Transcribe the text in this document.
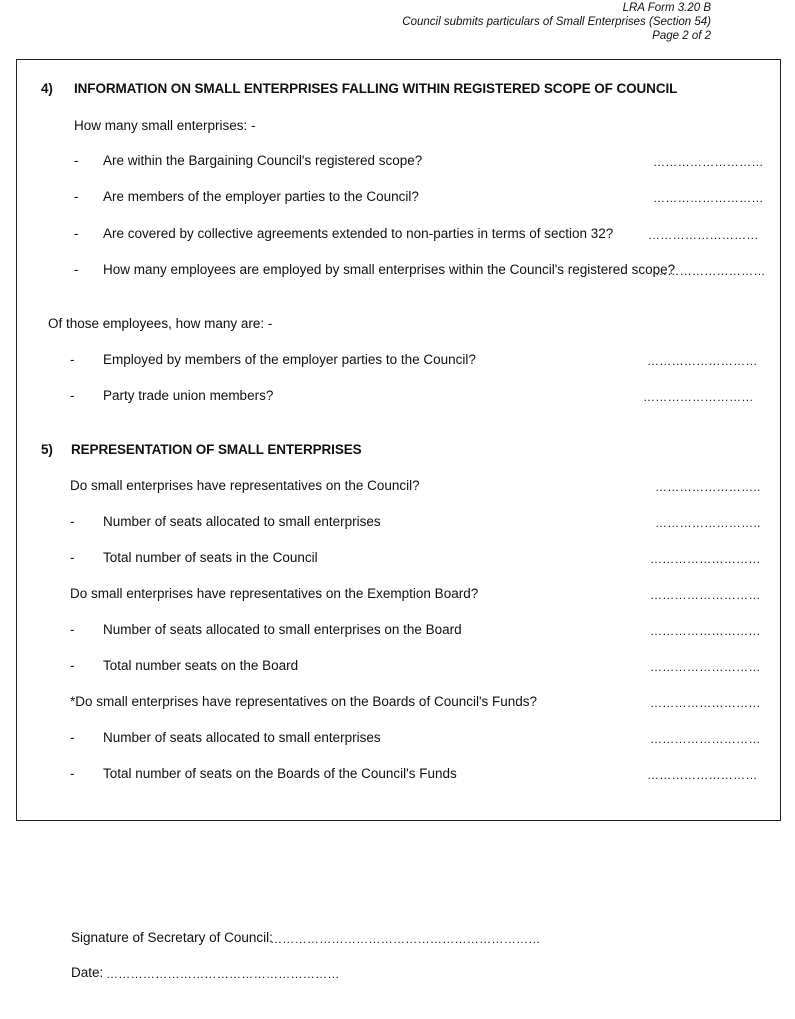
LRA Form 3.20 B
Council submits particulars of Small Enterprises (Section 54)
Page 2 of 2
4) INFORMATION ON SMALL ENTERPRISES FALLING WITHIN REGISTERED SCOPE OF COUNCIL
How many small enterprises: -
- Are within the Bargaining Council's registered scope?	………………………
- Are members of the employer parties to the Council?	………………………
- Are covered by collective agreements extended to non-parties in terms of section 32?	………………………
- How many employees are employed by small enterprises within the Council's registered scope?
………………………
Of those employees, how many are: -
- Employed by members of the employer parties to the Council?	………………………
- Party trade union members?	………………………
5) REPRESENTATION OF SMALL ENTERPRISES
Do small enterprises have representatives on the Council?	……………………..
- Number of seats allocated to small enterprises	……………………..
- Total number of seats in the Council	………………………
Do small enterprises have representatives on the Exemption Board?	………………………
- Number of seats allocated to small enterprises on the Board	………………………
- Total number seats on the Board	………………………
*Do small enterprises have representatives on the Boards of Council's Funds?	………………………
- Number of seats allocated to small enterprises	………………………
- Total number of seats on the Boards of the Council's Funds	………………………
Signature of Secretary of Council:
…………………………………………………………
Date: …………………………………………………
